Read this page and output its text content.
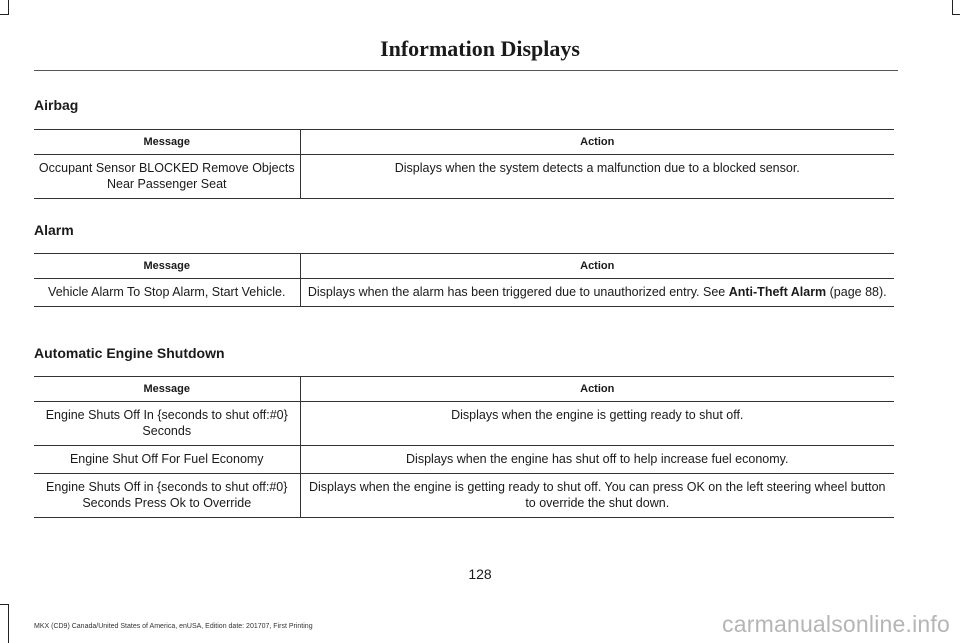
Information Displays
Airbag
Message	Action
Occupant Sensor BLOCKED Remove Objects Near Passenger Seat	Displays when the system detects a malfunction due to a blocked sensor.
Alarm
Message	Action
Vehicle Alarm To Stop Alarm, Start Vehicle.	Displays when the alarm has been triggered due to unauthorized entry. See Anti-Theft Alarm (page 88).
Automatic Engine Shutdown
Message	Action
Engine Shuts Off In {seconds to shut off:#0} Seconds	Displays when the engine is getting ready to shut off.
Engine Shut Off For Fuel Economy	Displays when the engine has shut off to help increase fuel economy.
Engine Shuts Off in {seconds to shut off:#0} Seconds Press Ok to Override	Displays when the engine is getting ready to shut off. You can press OK on the left steering wheel button to override the shut down.
128
MKX (CD9) Canada/United States of America, enUSA, Edition date: 201707, First Printing	carmanualsonline.info
